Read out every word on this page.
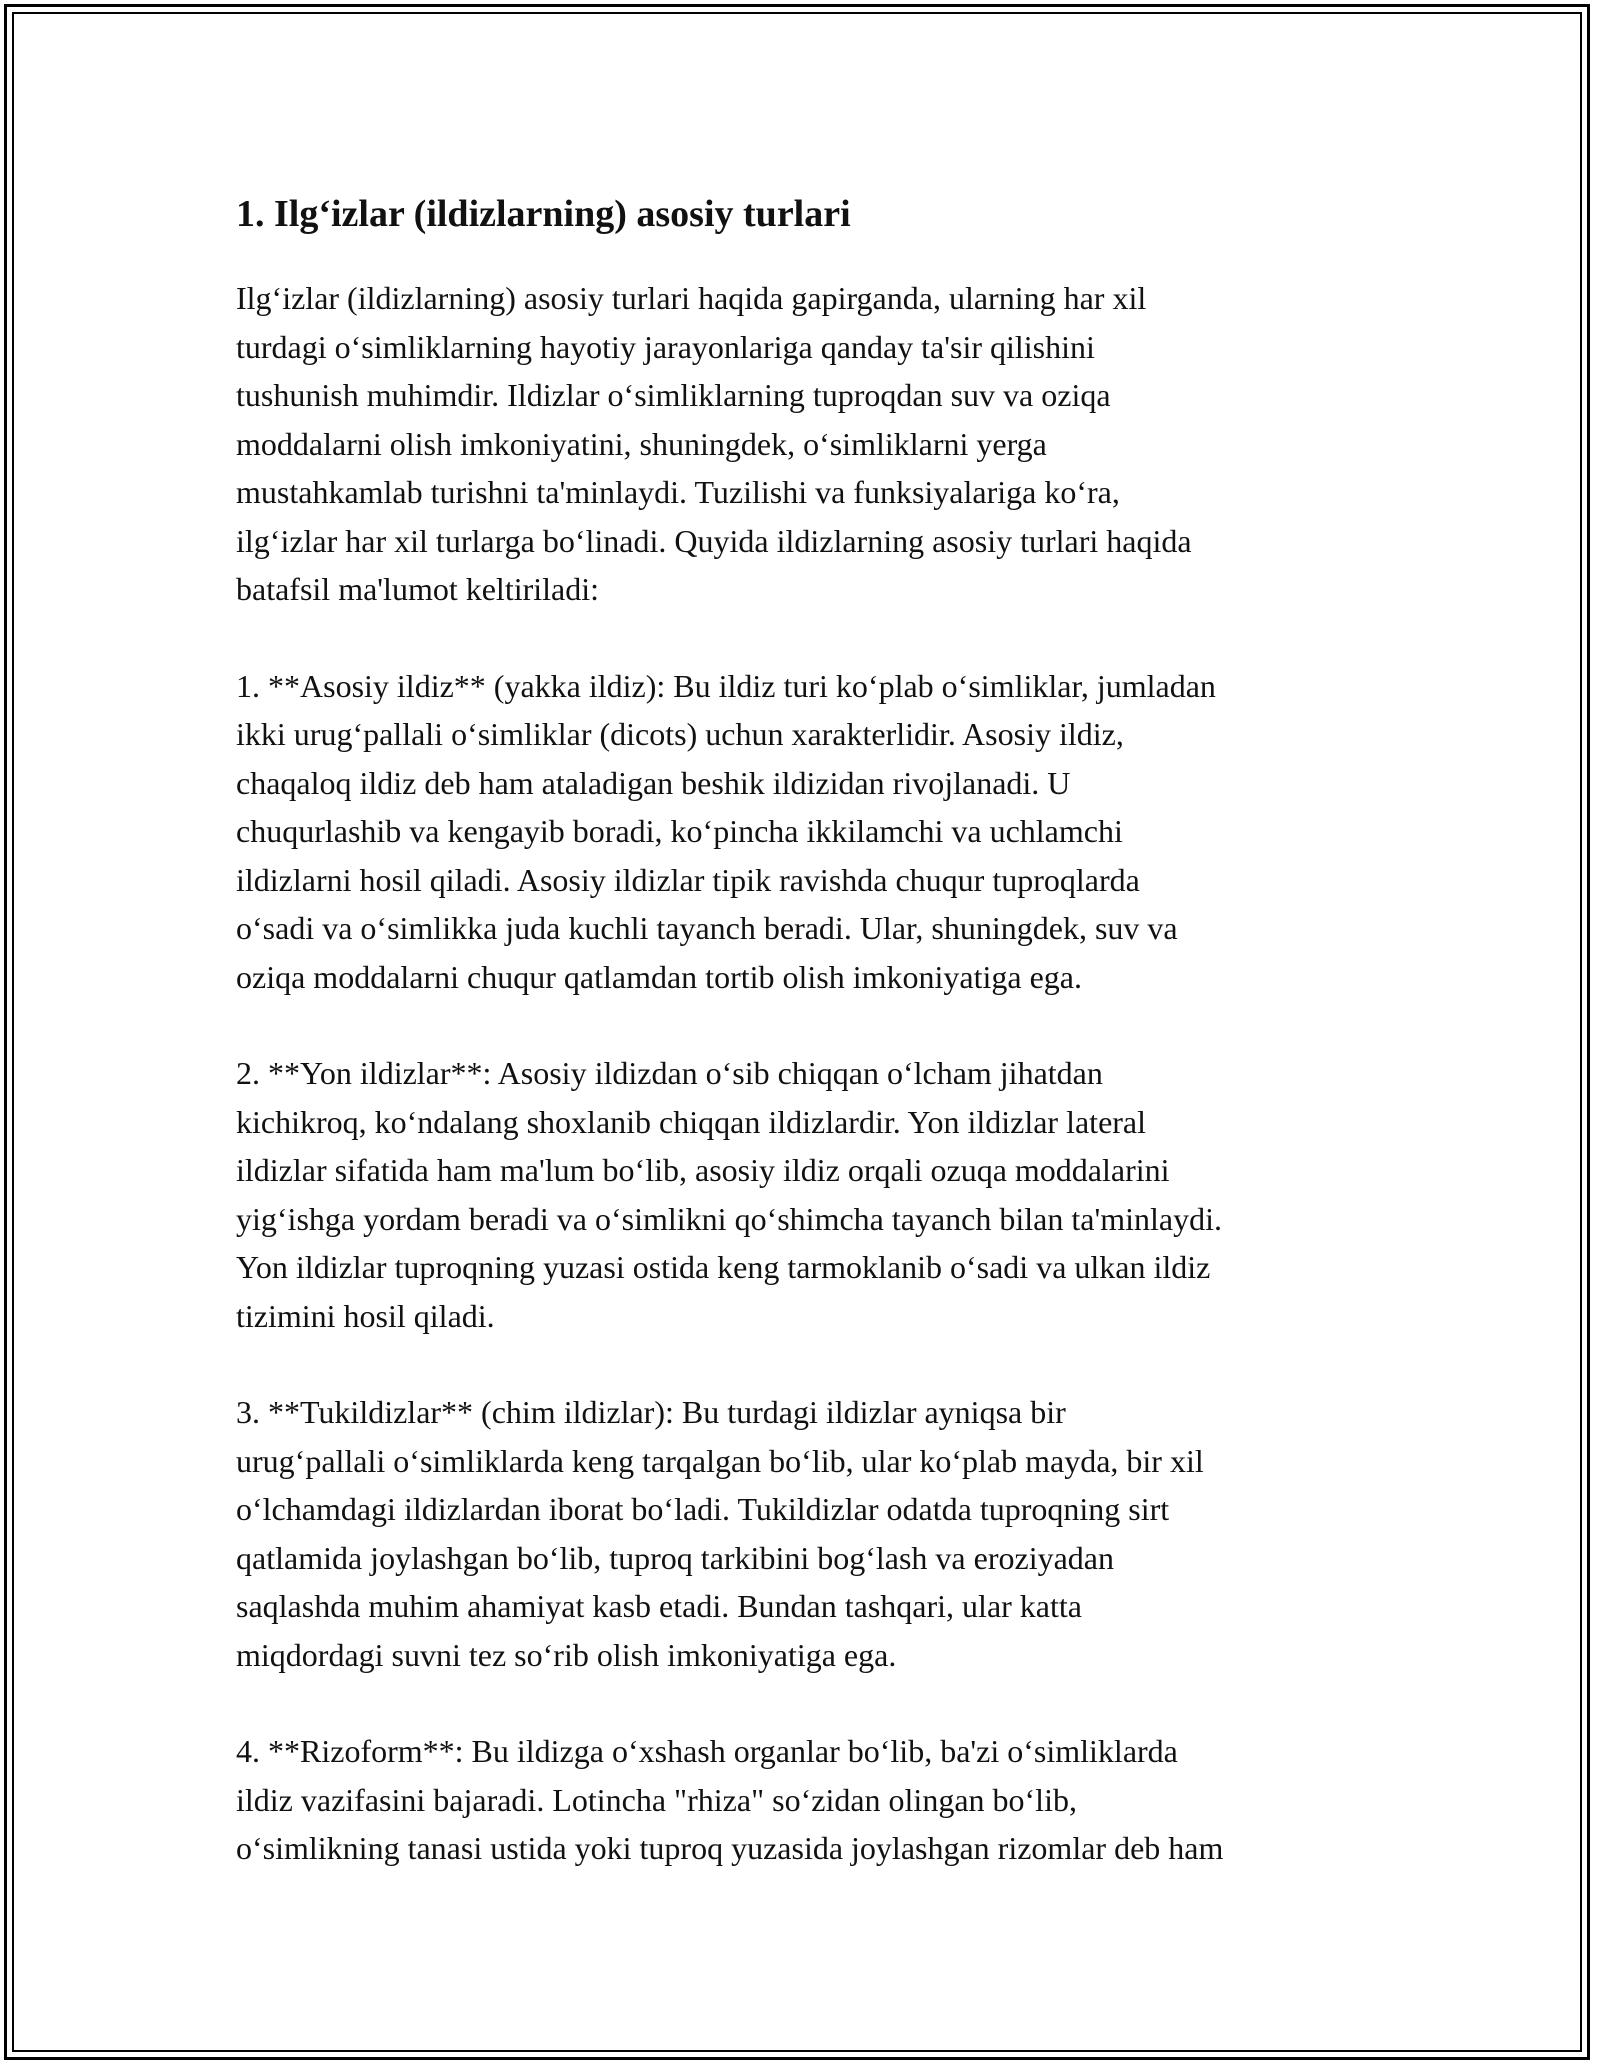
1. Ilg‘izlar (ildizlarning) asosiy turlari

Ilg‘izlar (ildizlarning) asosiy turlari haqida gapirganda, ularning har xil
turdagi o‘simliklarning hayotiy jarayonlariga qanday ta'sir qilishini
tushunish muhimdir. Ildizlar o‘simliklarning tuproqdan suv va oziqa
moddalarni olish imkoniyatini, shuningdek, o‘simliklarni yerga
mustahkamlab turishni ta'minlaydi. Tuzilishi va funksiyalariga ko‘ra,
ilg‘izlar har xil turlarga bo‘linadi. Quyida ildizlarning asosiy turlari haqida
batafsil ma'lumot keltiriladi:

1. **Asosiy ildiz** (yakka ildiz): Bu ildiz turi ko‘plab o‘simliklar, jumladan
ikki urug‘pallali o‘simliklar (dicots) uchun xarakterlidir. Asosiy ildiz,
chaqaloq ildiz deb ham ataladigan beshik ildizidan rivojlanadi. U
chuqurlashib va kengayib boradi, ko‘pincha ikkilamchi va uchlamchi
ildizlarni hosil qiladi. Asosiy ildizlar tipik ravishda chuqur tuproqlarda
o‘sadi va o‘simlikka juda kuchli tayanch beradi. Ular, shuningdek, suv va
oziqa moddalarni chuqur qatlamdan tortib olish imkoniyatiga ega.

2. **Yon ildizlar**: Asosiy ildizdan o‘sib chiqqan o‘lcham jihatdan
kichikroq, ko‘ndalang shoxlanib chiqqan ildizlardir. Yon ildizlar lateral
ildizlar sifatida ham ma'lum bo‘lib, asosiy ildiz orqali ozuqa moddalarini
yig‘ishga yordam beradi va o‘simlikni qo‘shimcha tayanch bilan ta'minlaydi.
Yon ildizlar tuproqning yuzasi ostida keng tarmoklanib o‘sadi va ulkan ildiz
tizimini hosil qiladi.

3. **Tukildizlar** (chim ildizlar): Bu turdagi ildizlar ayniqsa bir
urug‘pallali o‘simliklarda keng tarqalgan bo‘lib, ular ko‘plab mayda, bir xil
o‘lchamdagi ildizlardan iborat bo‘ladi. Tukildizlar odatda tuproqning sirt
qatlamida joylashgan bo‘lib, tuproq tarkibini bog‘lash va eroziyadan
saqlashda muhim ahamiyat kasb etadi. Bundan tashqari, ular katta
miqdordagi suvni tez so‘rib olish imkoniyatiga ega.

4. **Rizoform**: Bu ildizga o‘xshash organlar bo‘lib, ba'zi o‘simliklarda
ildiz vazifasini bajaradi. Lotincha "rhiza" so‘zidan olingan bo‘lib,
o‘simlikning tanasi ustida yoki tuproq yuzasida joylashgan rizomlar deb ham
